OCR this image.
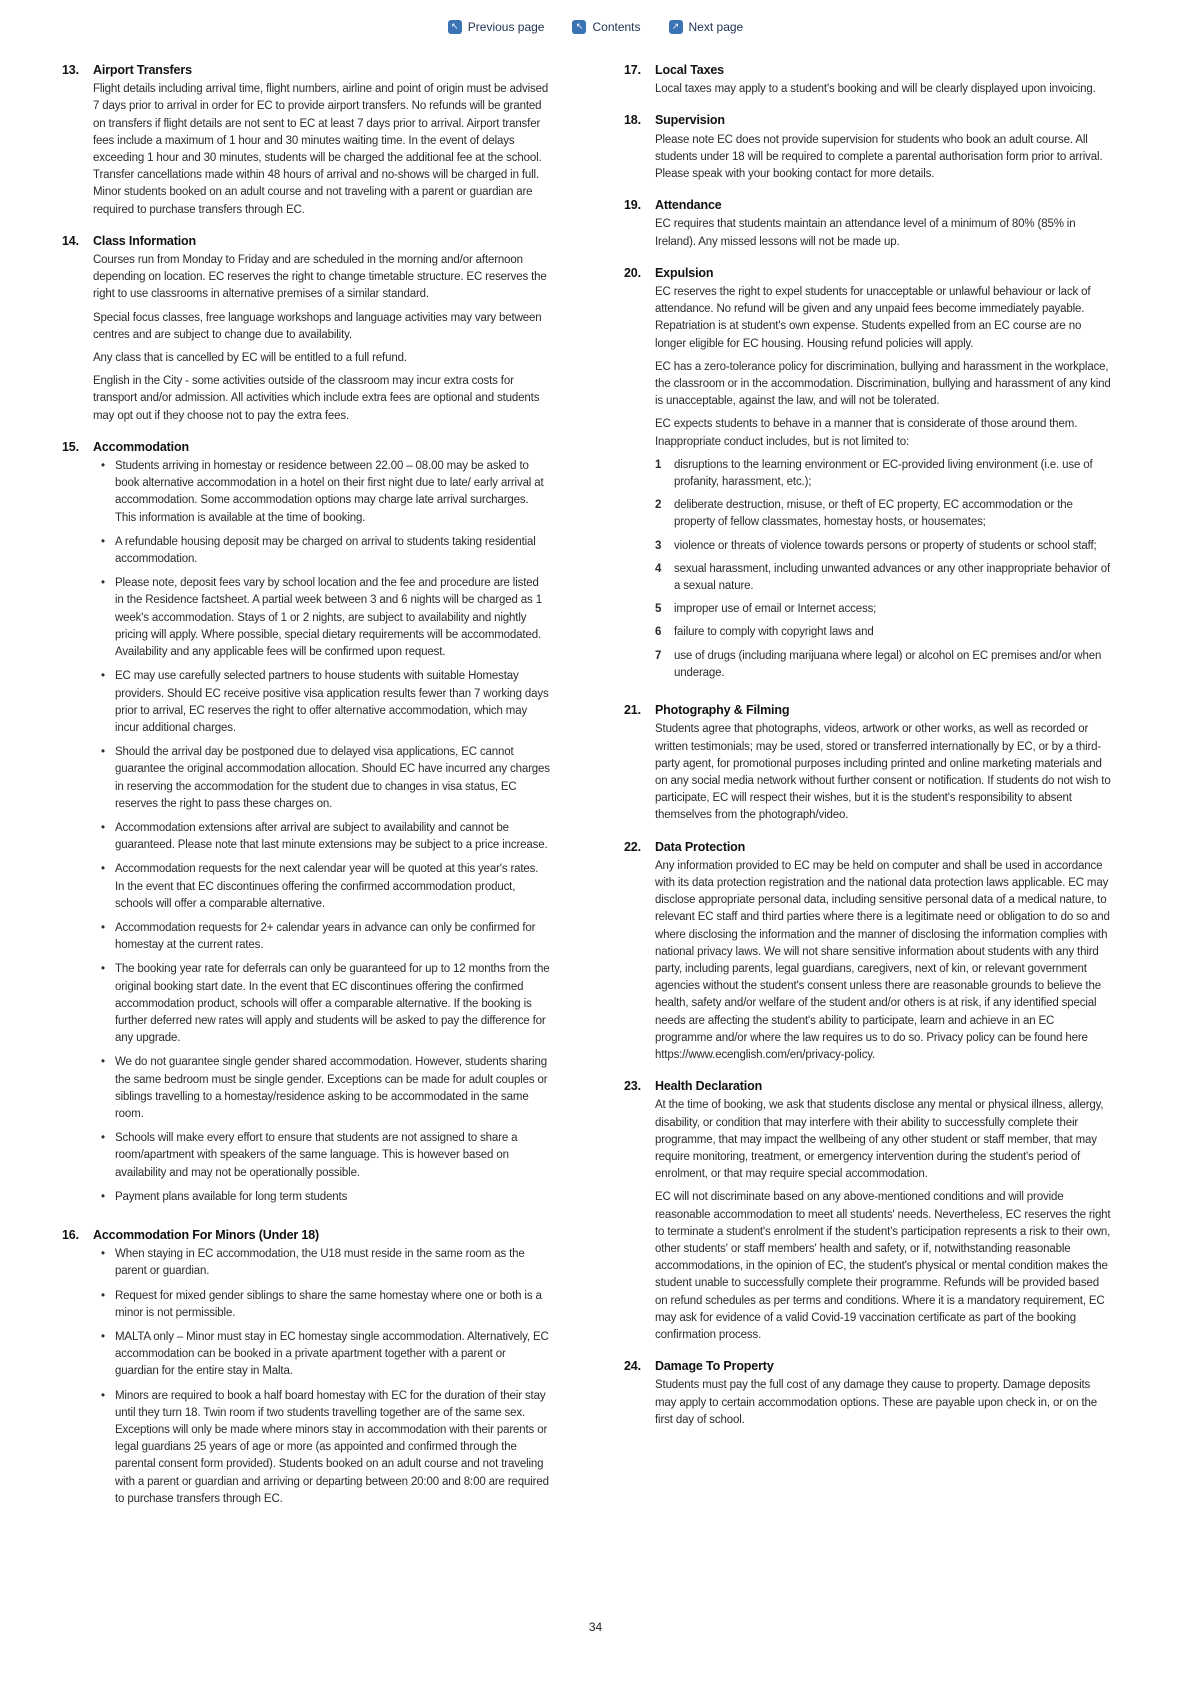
↖ Previous page	↖ Contents	↗ Next page
13.	Airport Transfers

Flight details including arrival time, flight numbers, airline and point of origin must be advised 7 days prior to arrival in order for EC to provide airport transfers. No refunds will be granted on transfers if flight details are not sent to EC at least 7 days prior to arrival. Airport transfer fees include a maximum of 1 hour and 30 minutes waiting time. In the event of delays exceeding 1 hour and 30 minutes, students will be charged the additional fee at the school. Transfer cancellations made within 48 hours of arrival and no-shows will be charged in full. Minor students booked on an adult course and not traveling with a parent or guardian are required to purchase transfers through EC.

14.	Class Information

Courses run from Monday to Friday and are scheduled in the morning and/or afternoon depending on location. EC reserves the right to change timetable structure. EC reserves the right to use classrooms in alternative premises of a similar standard.

Special focus classes, free language workshops and language activities may vary between centres and are subject to change due to availability.

Any class that is cancelled by EC will be entitled to a full refund.

English in the City - some activities outside of the classroom may incur extra costs for transport and/or admission. All activities which include extra fees are optional and students may opt out if they choose not to pay the extra fees.

15.	Accommodation
• Students arriving in homestay or residence between 22.00 – 08.00 may be asked to book alternative accommodation in a hotel on their first night due to late/ early arrival at accommodation. Some accommodation options may charge late arrival surcharges. This information is available at the time of booking.
• A refundable housing deposit may be charged on arrival to students taking residential accommodation.
• Please note, deposit fees vary by school location and the fee and procedure are listed in the Residence factsheet. A partial week between 3 and 6 nights will be charged as 1 week's accommodation. Stays of 1 or 2 nights, are subject to availability and nightly pricing will apply. Where possible, special dietary requirements will be accommodated. Availability and any applicable fees will be confirmed upon request.
• EC may use carefully selected partners to house students with suitable Homestay providers. Should EC receive positive visa application results fewer than 7 working days prior to arrival, EC reserves the right to offer alternative accommodation, which may incur additional charges.
• Should the arrival day be postponed due to delayed visa applications, EC cannot guarantee the original accommodation allocation. Should EC have incurred any charges in reserving the accommodation for the student due to changes in visa status, EC reserves the right to pass these charges on.
• Accommodation extensions after arrival are subject to availability and cannot be guaranteed. Please note that last minute extensions may be subject to a price increase.
• Accommodation requests for the next calendar year will be quoted at this year's rates. In the event that EC discontinues offering the confirmed accommodation product, schools will offer a comparable alternative.
• Accommodation requests for 2+ calendar years in advance can only be confirmed for homestay at the current rates.
• The booking year rate for deferrals can only be guaranteed for up to 12 months from the original booking start date. In the event that EC discontinues offering the confirmed accommodation product, schools will offer a comparable alternative. If the booking is further deferred new rates will apply and students will be asked to pay the difference for any upgrade.
• We do not guarantee single gender shared accommodation. However, students sharing the same bedroom must be single gender. Exceptions can be made for adult couples or siblings travelling to a homestay/residence asking to be accommodated in the same room.
• Schools will make every effort to ensure that students are not assigned to share a room/apartment with speakers of the same language. This is however based on availability and may not be operationally possible.
• Payment plans available for long term students
16.	Accommodation For Minors (Under 18)
• When staying in EC accommodation, the U18 must reside in the same room as the parent or guardian.
• Request for mixed gender siblings to share the same homestay where one or both is a minor is not permissible.
• MALTA only – Minor must stay in EC homestay single accommodation. Alternatively, EC accommodation can be booked in a private apartment together with a parent or guardian for the entire stay in Malta.
• Minors are required to book a half board homestay with EC for the duration of their stay until they turn 18. Twin room if two students travelling together are of the same sex. Exceptions will only be made where minors stay in accommodation with their parents or legal guardians 25 years of age or more (as appointed and confirmed through the parental consent form provided). Students booked on an adult course and not traveling with a parent or guardian and arriving or departing between 20:00 and 8:00 are required to purchase transfers through EC.
17.	Local Taxes

Local taxes may apply to a student's booking and will be clearly displayed upon invoicing.

18.	Supervision

Please note EC does not provide supervision for students who book an adult course. All students under 18 will be required to complete a parental authorisation form prior to arrival. Please speak with your booking contact for more details.

19.	Attendance

EC requires that students maintain an attendance level of a minimum of 80% (85% in Ireland). Any missed lessons will not be made up.

20.	Expulsion

EC reserves the right to expel students for unacceptable or unlawful behaviour or lack of attendance. No refund will be given and any unpaid fees become immediately payable. Repatriation is at student's own expense. Students expelled from an EC course are no longer eligible for EC housing. Housing refund policies will apply.

EC has a zero-tolerance policy for discrimination, bullying and harassment in the workplace, the classroom or in the accommodation. Discrimination, bullying and harassment of any kind is unacceptable, against the law, and will not be tolerated.

EC expects students to behave in a manner that is considerate of those around them. Inappropriate conduct includes, but is not limited to:

1	disruptions to the learning environment or EC-provided living environment (i.e. use of profanity, harassment, etc.);
2	deliberate destruction, misuse, or theft of EC property, EC accommodation or the property of fellow classmates, homestay hosts, or housemates;
3	violence or threats of violence towards persons or property of students or school staff;
4	sexual harassment, including unwanted advances or any other inappropriate behavior of a sexual nature.
5	improper use of email or Internet access;
6	failure to comply with copyright laws and
7	use of drugs (including marijuana where legal) or alcohol on EC premises and/or when underage.
21.	Photography & Filming

Students agree that photographs, videos, artwork or other works, as well as recorded or written testimonials; may be used, stored or transferred internationally by EC, or by a third-party agent, for promotional purposes including printed and online marketing materials and on any social media network without further consent or notification. If students do not wish to participate, EC will respect their wishes, but it is the student's responsibility to absent themselves from the photograph/video.

22.	Data Protection

Any information provided to EC may be held on computer and shall be used in accordance with its data protection registration and the national data protection laws applicable. EC may disclose appropriate personal data, including sensitive personal data of a medical nature, to relevant EC staff and third parties where there is a legitimate need or obligation to do so and where disclosing the information and the manner of disclosing the information complies with national privacy laws. We will not share sensitive information about students with any third party, including parents, legal guardians, caregivers, next of kin, or relevant government agencies without the student's consent unless there are reasonable grounds to believe the health, safety and/or welfare of the student and/or others is at risk, if any identified special needs are affecting the student's ability to participate, learn and achieve in an EC programme and/or where the law requires us to do so. Privacy policy can be found here https://www.ecenglish.com/en/privacy-policy.

23.	Health Declaration

At the time of booking, we ask that students disclose any mental or physical illness, allergy, disability, or condition that may interfere with their ability to successfully complete their programme, that may impact the wellbeing of any other student or staff member, that may require monitoring, treatment, or emergency intervention during the student's period of enrolment, or that may require special accommodation.

EC will not discriminate based on any above-mentioned conditions and will provide reasonable accommodation to meet all students' needs. Nevertheless, EC reserves the right to terminate a student's enrolment if the student's participation represents a risk to their own, other students' or staff members' health and safety, or if, notwithstanding reasonable accommodations, in the opinion of EC, the student's physical or mental condition makes the student unable to successfully complete their programme. Refunds will be provided based on refund schedules as per terms and conditions. Where it is a mandatory requirement, EC may ask for evidence of a valid Covid-19 vaccination certificate as part of the booking confirmation process.

24.	Damage To Property

Students must pay the full cost of any damage they cause to property. Damage deposits may apply to certain accommodation options. These are payable upon check in, or on the first day of school.

34
